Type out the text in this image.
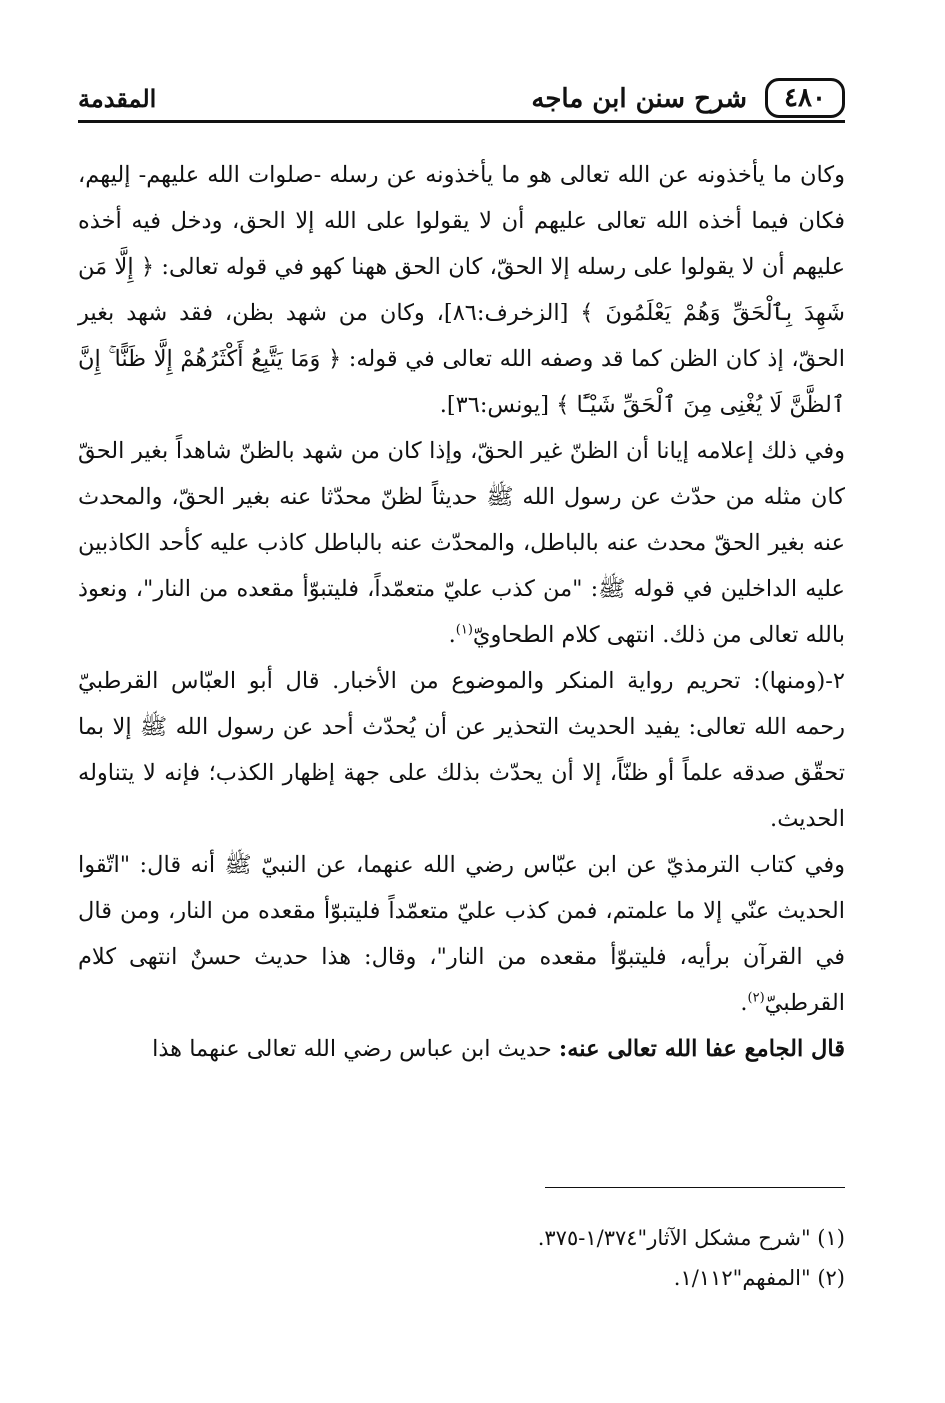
٤٨٠
شرح سنن ابن ماجه
المقدمة

وكان ما يأخذونه عن الله تعالى هو ما يأخذونه عن رسله -صلوات الله عليهم- إليهم، فكان فيما أخذه الله تعالى عليهم أن لا يقولوا على الله إلا الحق، ودخل فيه أخذه عليهم أن لا يقولوا على رسله إلا الحقّ، كان الحق ههنا كهو في قوله تعالى: ﴿ إِلَّا مَن شَهِدَ بِٱلْحَقِّ وَهُمْ يَعْلَمُونَ ﴾ [الزخرف:٨٦]، وكان من شهد بظن، فقد شهد بغير الحقّ، إذ كان الظن كما قد وصفه الله تعالى في قوله: ﴿ وَمَا يَتَّبِعُ أَكْثَرُهُمْ إِلَّا ظَنًّا ۚ إِنَّ ٱلظَّنَّ لَا يُغْنِى مِنَ ٱلْحَقِّ شَيْـًٔا ﴾ [يونس:٣٦].

وفي ذلك إعلامه إيانا أن الظنّ غير الحقّ، وإذا كان من شهد بالظنّ شاهداً بغير الحقّ كان مثله من حدّث عن رسول الله ﷺ حديثاً لظنّ محدّثا عنه بغير الحقّ، والمحدث عنه بغير الحقّ محدث عنه بالباطل، والمحدّث عنه بالباطل كاذب عليه كأحد الكاذبين عليه الداخلين في قوله ﷺ: "من كذب عليّ متعمّداً، فليتبوّأ مقعده من النار"، ونعوذ بالله تعالى من ذلك. انتهى كلام الطحاويّ$^{(١)}$.

٢-(ومنها): تحريم رواية المنكر والموضوع من الأخبار. قال أبو العبّاس القرطبيّ رحمه الله تعالى: يفيد الحديث التحذير عن أن يُحدّث أحد عن رسول الله ﷺ إلا بما تحقّق صدقه علماً أو ظنّاً، إلا أن يحدّث بذلك على جهة إظهار الكذب؛ فإنه لا يتناوله الحديث.

وفي كتاب الترمذيّ عن ابن عبّاس رضي الله عنهما، عن النبيّ ﷺ أنه قال: "اتّقوا الحديث عنّي إلا ما علمتم، فمن كذب عليّ متعمّداً فليتبوّأ مقعده من النار، ومن قال في القرآن برأيه، فليتبوّأ مقعده من النار"، وقال: هذا حديث حسنٌ انتهى كلام القرطبيّ$^{(٢)}$.

قال الجامع عفا الله تعالى عنه: حديث ابن عباس رضي الله تعالى عنهما هذا

(١) "شرح مشكل الآثار"١/٣٧٤-٣٧٥.

(٢) "المفهم"١/١١٢.
